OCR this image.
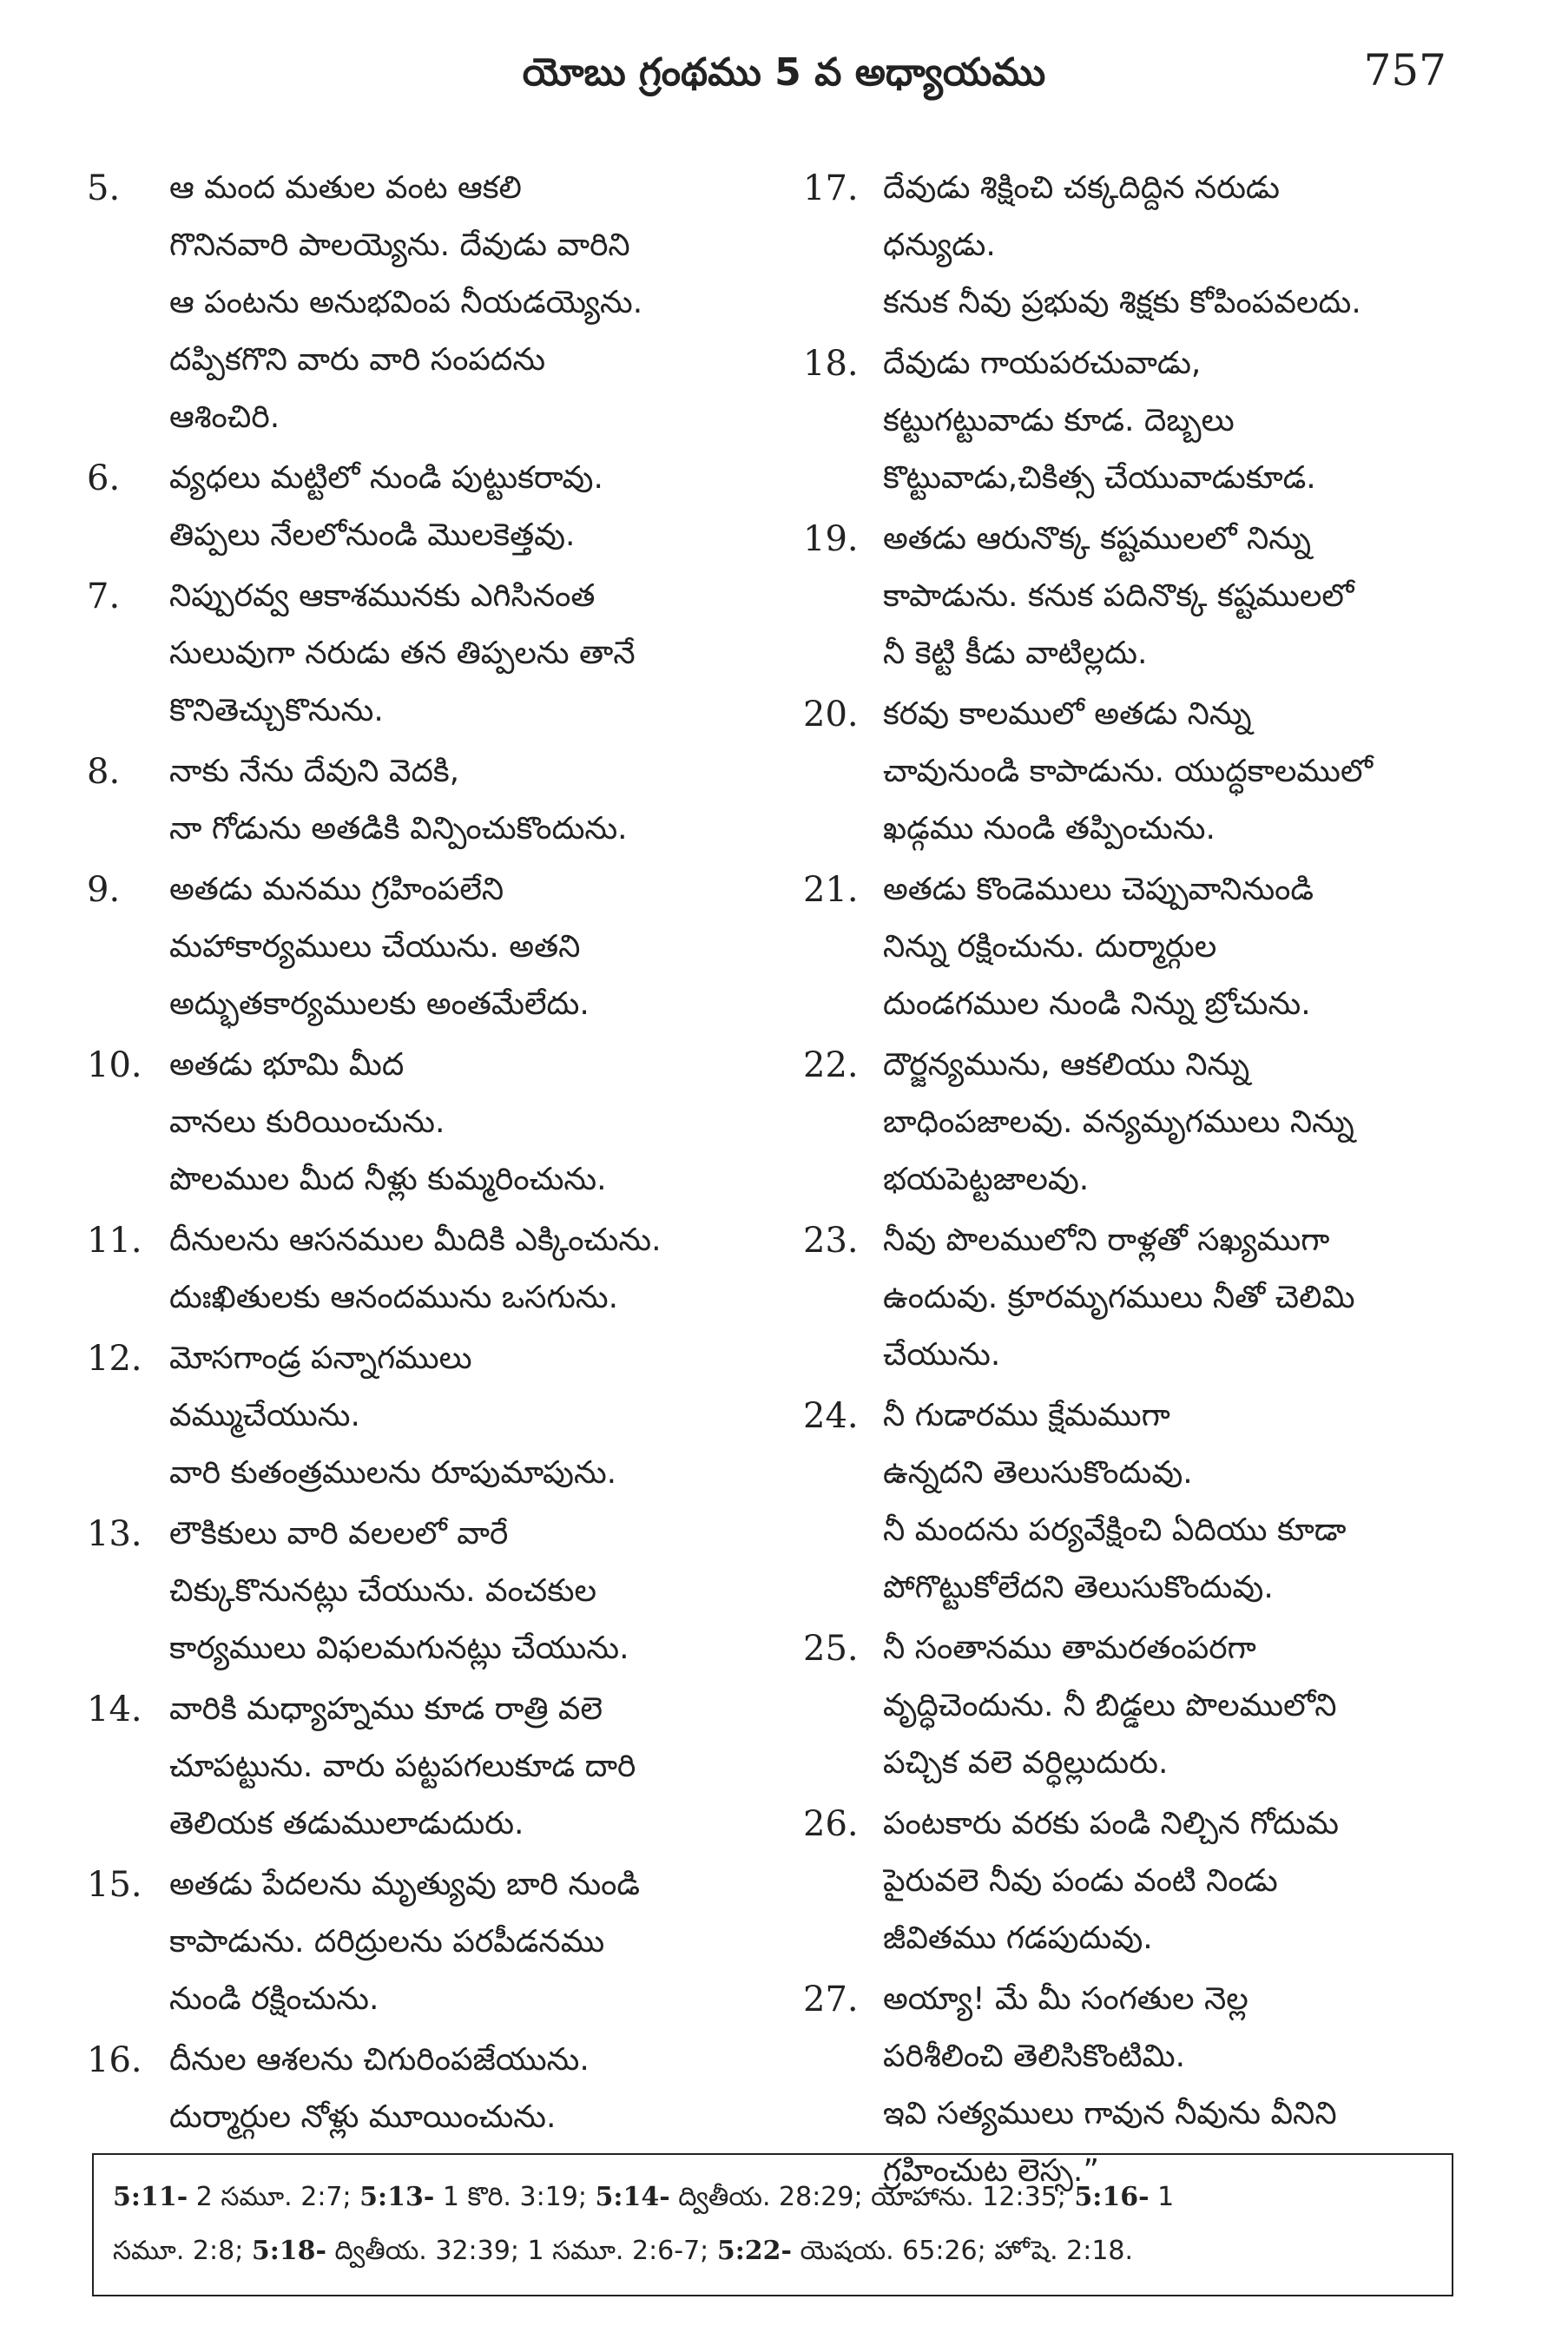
యోబు గ్రంథము 5 వ అధ్యాయము	757
5.	ఆ మంద మతుల వంట ఆకలి
గొనినవారి పాలయ్యెను. దేవుడు వారిని
ఆ పంటను అనుభవింప నీయడయ్యెను.
దప్పికగొని వారు వారి సంపదను
ఆశించిరి.
6.	వ్యధలు మట్టిలో నుండి పుట్టుకరావు.
తిప్పలు నేలలోనుండి మొలకెత్తవు.
7.	నిప్పురవ్వ ఆకాశమునకు ఎగిసినంత
సులువుగా నరుడు తన తిప్పలను తానే
కొనితెచ్చుకొనును.
8.	నాకు నేను దేవుని వెదకి,
నా గోడును అతడికి విన్పించుకొందును.
9.	అతడు మనము గ్రహింపలేని
మహాకార్యములు చేయును. అతని
అద్భుతకార్యములకు అంతమేలేదు.
10. అతడు భూమి మీద
వానలు కురియించును.
పొలముల మీద నీళ్లు కుమ్మరించును.
11. దీనులను ఆసనముల మీదికి ఎక్కించును.
దుఃఖితులకు ఆనందమును ఒసగును.
12. మోసగాండ్ర పన్నాగములు
వమ్ముచేయును.
వారి కుతంత్రములను రూపుమాపును.
13. లౌకికులు వారి వలలలో వారే
చిక్కుకొనునట్లు చేయును. వంచకుల
కార్యములు విఫలమగునట్లు చేయును.
14. వారికి మధ్యాహ్నము కూడ రాత్రి వలె
చూపట్టును. వారు పట్టపగలుకూడ దారి
తెలియక తడుములాడుదురు.
15. అతడు పేదలను మృత్యువు బారి నుండి
కాపాడును. దరిద్రులను పరపీడనము
నుండి రక్షించును.
16. దీనుల ఆశలను చిగురింపజేయును.
దుర్మార్గుల నోళ్లు మూయించును.
17. దేవుడు శిక్షించి చక్కదిద్దిన నరుడు
ధన్యుడు.
కనుక నీవు ప్రభువు శిక్షకు కోపింపవలదు.
18. దేవుడు గాయపరచువాడు,
కట్టుగట్టువాడు కూడ. దెబ్బలు
కొట్టువాడు,చికిత్స చేయువాడుకూడ.
19. అతడు ఆరునొక్క కష్టములలో నిన్ను
కాపాడును. కనుక పదినొక్క కష్టములలో
నీ కెట్టి కీడు వాటిల్లదు.
20. కరవు కాలములో అతడు నిన్ను
చావునుండి కాపాడును. యుద్ధకాలములో
ఖడ్గము నుండి తప్పించును.
21. అతడు కొండెములు చెప్పువానినుండి
నిన్ను రక్షించును. దుర్మార్గుల
దుండగముల నుండి నిన్ను బ్రోచును.
22. దౌర్జన్యమును, ఆకలియు నిన్ను
బాధింపజాలవు. వన్యమృగములు నిన్ను
భయపెట్టజాలవు.
23. నీవు పొలములోని రాళ్లతో సఖ్యముగా
ఉందువు. క్రూరమృగములు నీతో చెలిమి
చేయును.
24. నీ గుడారము క్షేమముగా
ఉన్నదని తెలుసుకొందువు.
నీ మందను పర్యవేక్షించి ఏదియు కూడా
పోగొట్టుకోలేదని తెలుసుకొందువు.
25. నీ సంతానము తామరతంపరగా
వృద్ధిచెందును. నీ బిడ్డలు పొలములోని
పచ్చిక వలె వర్ధిల్లుదురు.
26. పంటకారు వరకు పండి నిల్చిన గోదుమ
పైరువలె నీవు పండు వంటి నిండు
జీవితము గడపుదువు.
27. అయ్యా! మే మీ సంగతుల నెల్ల
పరిశీలించి తెలిసికొంటిమి.
ఇవి సత్యములు గావున నీవును వీనిని
గ్రహించుట లెస్స.”
5:11- 2 సమూ. 2:7; 5:13- 1 కొరి. 3:19; 5:14- ద్వితీయ. 28:29; యోహాను. 12:35; 5:16- 1
సమూ. 2:8; 5:18- ద్వితీయ. 32:39; 1 సమూ. 2:6-7; 5:22- యెషయ. 65:26; హోషె. 2:18.
